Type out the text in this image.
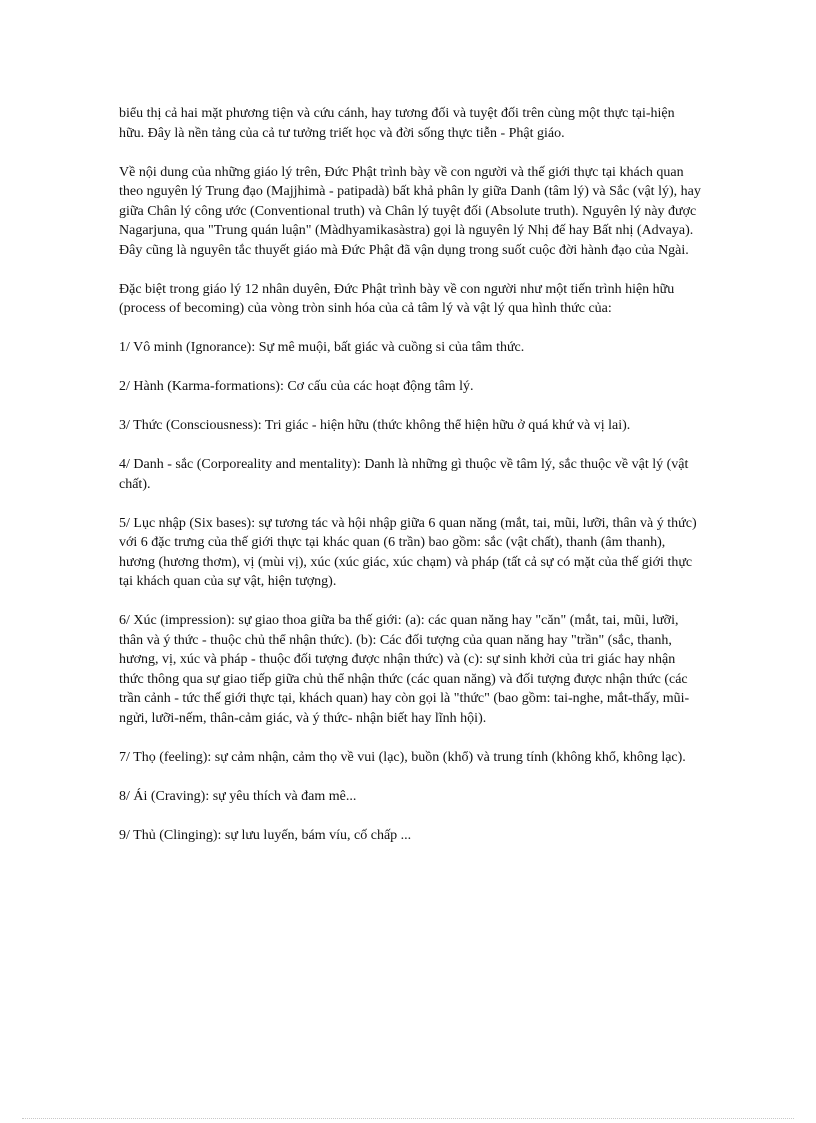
biểu thị cả hai mặt phương tiện và cứu cánh, hay tương đối và tuyệt đối trên cùng một thực tại-hiện hữu. Đây là nền tảng của cả tư tưởng triết học và đời sống thực tiễn - Phật giáo.

Về nội dung của những giáo lý trên, Đức Phật trình bày về con người và thế giới thực tại khách quan theo nguyên lý Trung đạo (Majjhimà - patipadà) bất khả phân ly giữa Danh (tâm lý) và Sắc (vật lý), hay giữa Chân lý công ước (Conventional truth) và Chân lý tuyệt đối (Absolute truth). Nguyên lý này được Nagarjuna, qua "Trung quán luận" (Màdhyamikasàstra) gọi là nguyên lý Nhị đế hay Bất nhị (Advaya). Đây cũng là nguyên tắc thuyết giáo mà Đức Phật đã vận dụng trong suốt cuộc đời hành đạo của Ngài.

Đặc biệt trong giáo lý 12 nhân duyên, Đức Phật trình bày về con người như một tiến trình hiện hữu (process of becoming) của vòng tròn sinh hóa của cả tâm lý và vật lý qua hình thức của:

1/ Vô minh (Ignorance): Sự mê muội, bất giác và cuồng si của tâm thức.

2/ Hành (Karma-formations): Cơ cấu của các hoạt động tâm lý.

3/ Thức (Consciousness): Tri giác - hiện hữu (thức không thể hiện hữu ở quá khứ và vị lai).

4/ Danh - sắc (Corporeality and mentality): Danh là những gì thuộc về tâm lý, sắc thuộc về vật lý (vật chất).

5/ Lục nhập (Six bases): sự tương tác và hội nhập giữa 6 quan năng (mắt, tai, mũi, lưỡi, thân và ý thức) với 6 đặc trưng của thế giới thực tại khác quan (6 trần) bao gồm: sắc (vật chất), thanh (âm thanh), hương (hương thơm), vị (mùi vị), xúc (xúc giác, xúc chạm) và pháp (tất cả sự có mặt của thế giới thực tại khách quan của sự vật, hiện tượng).

6/ Xúc (impression): sự giao thoa giữa ba thế giới: (a): các quan năng hay "căn" (mắt, tai, mũi, lưỡi, thân và ý thức - thuộc chủ thể nhận thức). (b): Các đối tượng của quan năng hay "trần" (sắc, thanh, hương, vị, xúc và pháp - thuộc đối tượng được nhận thức) và (c): sự sinh khởi của tri giác hay nhận thức thông qua sự giao tiếp giữa chủ thể nhận thức (các quan năng) và đối tượng được nhận thức (các trần cảnh - tức thế giới thực tại, khách quan) hay còn gọi là "thức" (bao gồm: tai-nghe, mắt-thấy, mũi-ngửi, lưỡi-nếm, thân-cảm giác, và ý thức- nhận biết hay lĩnh hội).

7/ Thọ (feeling): sự cảm nhận, cảm thọ về vui (lạc), buồn (khổ) và trung tính (không khổ, không lạc).

8/ Ái (Craving): sự yêu thích và đam mê...

9/ Thủ (Clinging): sự lưu luyến, bám víu, cố chấp ...
